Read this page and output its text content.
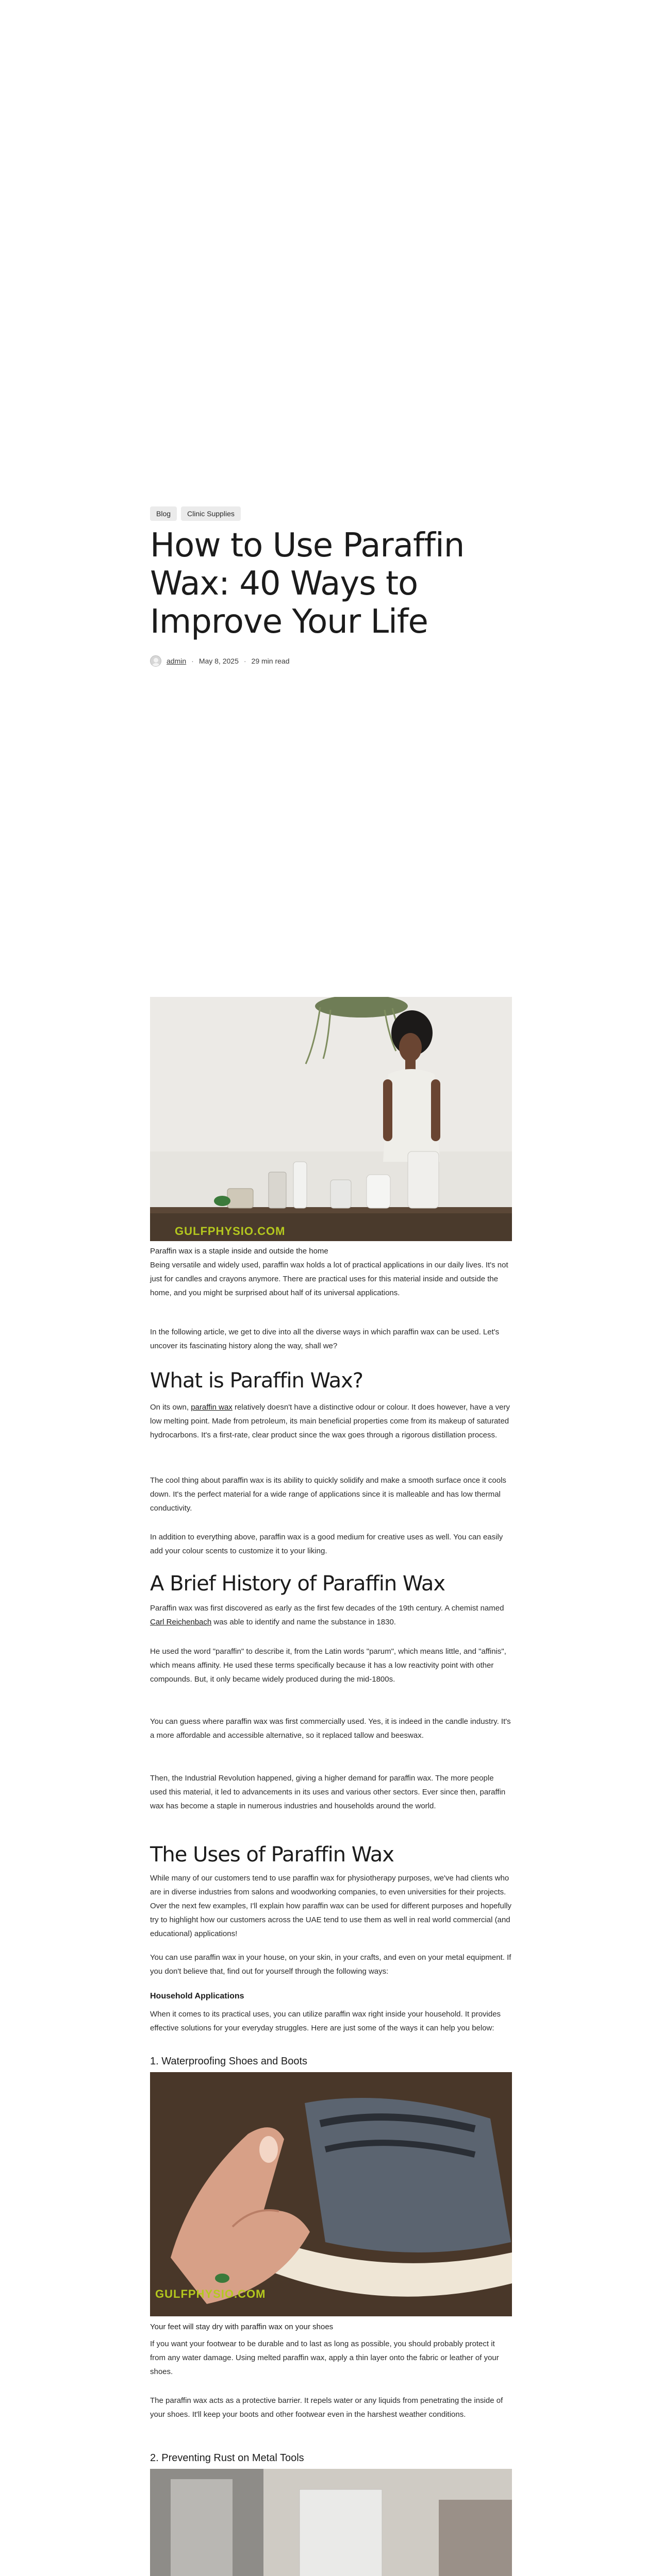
Blog	Clinic Supplies
How to Use Paraffin Wax: 40 Ways to Improve Your Life
admin · May 8, 2025 · 29 min read
GULFPHYSIO.COM
Paraffin wax is a staple inside and outside the home

Being versatile and widely used, paraffin wax holds a lot of practical applications in our daily lives. It's not just for candles and crayons anymore. There are practical uses for this material inside and outside the home, and you might be surprised about half of its universal applications.

In the following article, we get to dive into all the diverse ways in which paraffin wax can be used. Let's uncover its fascinating history along the way, shall we?

What is Paraffin Wax?

On its own, paraffin wax relatively doesn't have a distinctive odour or colour. It does however, have a very low melting point. Made from petroleum, its main beneficial properties come from its makeup of saturated hydrocarbons. It's a first-rate, clear product since the wax goes through a rigorous distillation process.

The cool thing about paraffin wax is its ability to quickly solidify and make a smooth surface once it cools down. It's the perfect material for a wide range of applications since it is malleable and has low thermal conductivity.

In addition to everything above, paraffin wax is a good medium for creative uses as well. You can easily add your colour scents to customize it to your liking.

A Brief History of Paraffin Wax

Paraffin wax was first discovered as early as the first few decades of the 19th century. A chemist named Carl Reichenbach was able to identify and name the substance in 1830.

He used the word "paraffin" to describe it, from the Latin words "parum", which means little, and "affinis", which means affinity. He used these terms specifically because it has a low reactivity point with other compounds. But, it only became widely produced during the mid-1800s.

You can guess where paraffin wax was first commercially used. Yes, it is indeed in the candle industry. It's a more affordable and accessible alternative, so it replaced tallow and beeswax.

Then, the Industrial Revolution happened, giving a higher demand for paraffin wax. The more people used this material, it led to advancements in its uses and various other sectors. Ever since then, paraffin wax has become a staple in numerous industries and households around the world.

The Uses of Paraffin Wax

While many of our customers tend to use paraffin wax for physiotherapy purposes, we've had clients who are in diverse industries from salons and woodworking companies, to even universities for their projects. Over the next few examples, I'll explain how paraffin wax can be used for different purposes and hopefully try to highlight how our customers across the UAE tend to use them as well in real world commercial (and educational) applications!

You can use paraffin wax in your house, on your skin, in your crafts, and even on your metal equipment. If you don't believe that, find out for yourself through the following ways:

Household Applications

When it comes to its practical uses, you can utilize paraffin wax right inside your household. It provides effective solutions for your everyday struggles. Here are just some of the ways it can help you below:

1. Waterproofing Shoes and Boots
GULFPHYSIO.COM
Your feet will stay dry with paraffin wax on your shoes

If you want your footwear to be durable and to last as long as possible, you should probably protect it from any water damage. Using melted paraffin wax, apply a thin layer onto the fabric or leather of your shoes.

The paraffin wax acts as a protective barrier. It repels water or any liquids from penetrating the inside of your shoes. It'll keep your boots and other footwear even in the harshest weather conditions.

2. Preventing Rust on Metal Tools
